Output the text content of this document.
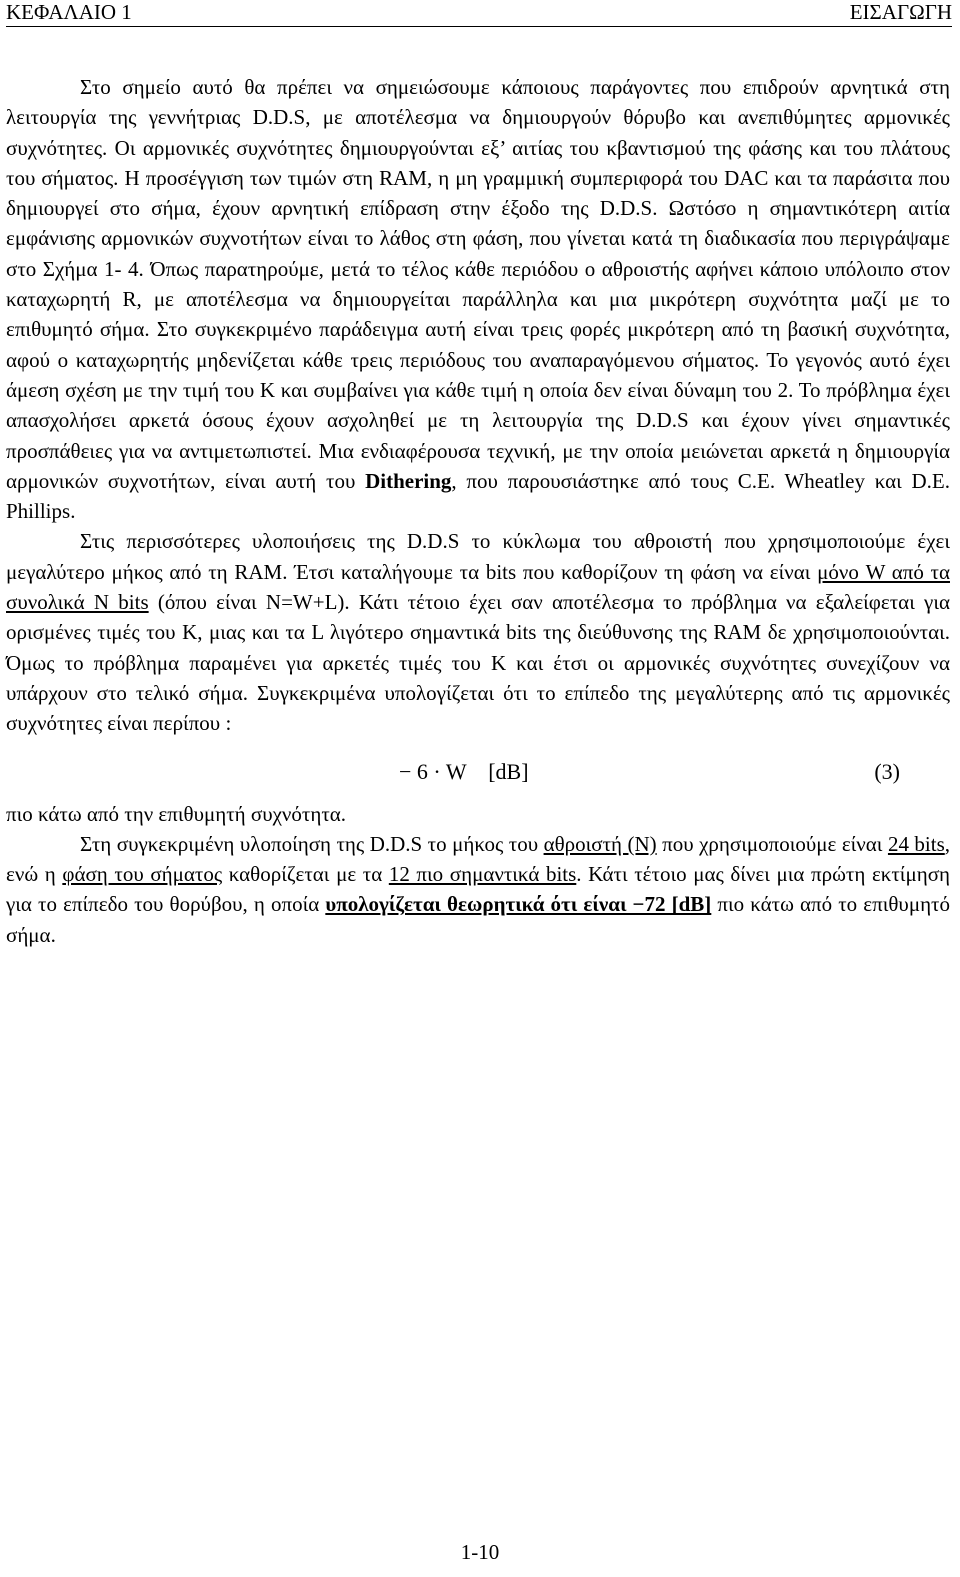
ΚΕΦΑΛΑΙΟ 1	ΕΙΣΑΓΩΓΗ

Στο σημείο αυτό θα πρέπει να σημειώσουμε κάποιους παράγοντες που επιδρούν αρνητικά στη λειτουργία της γεννήτριας D.D.S, με αποτέλεσμα να δημιουργούν θόρυβο και ανεπιθύμητες αρμονικές συχνότητες. Οι αρμονικές συχνότητες δημιουργούνται εξ’ αιτίας του κβαντισμού της φάσης και του πλάτους του σήματος. Η προσέγγιση των τιμών στη RAM, η μη γραμμική συμπεριφορά του DAC και τα παράσιτα που δημιουργεί στο σήμα, έχουν αρνητική επίδραση στην έξοδο της D.D.S. Ωστόσο η σημαντικότερη αιτία εμφάνισης αρμονικών συχνοτήτων είναι το λάθος στη φάση, που γίνεται κατά τη διαδικασία που περιγράψαμε στο Σχήμα 1- 4. Όπως παρατηρούμε, μετά το τέλος κάθε περιόδου ο αθροιστής αφήνει κάποιο υπόλοιπο στον καταχωρητή R, με αποτέλεσμα να δημιουργείται παράλληλα και μια μικρότερη συχνότητα μαζί με το επιθυμητό σήμα. Στο συγκεκριμένο παράδειγμα αυτή είναι τρεις φορές μικρότερη από τη βασική συχνότητα, αφού ο καταχωρητής μηδενίζεται κάθε τρεις περιόδους του αναπαραγόμενου σήματος. Το γεγονός αυτό έχει άμεση σχέση με την τιμή του K και συμβαίνει για κάθε τιμή η οποία δεν είναι δύναμη του 2. Το πρόβλημα έχει απασχολήσει αρκετά όσους έχουν ασχοληθεί με τη λειτουργία της D.D.S και έχουν γίνει σημαντικές προσπάθειες για να αντιμετωπιστεί. Μια ενδιαφέρουσα τεχνική, με την οποία μειώνεται αρκετά η δημιουργία αρμονικών συχνοτήτων, είναι αυτή του Dithering, που παρουσιάστηκε από τους C.E. Wheatley και D.E. Phillips.

Στις περισσότερες υλοποιήσεις της D.D.S το κύκλωμα του αθροιστή που χρησιμοποιούμε έχει μεγαλύτερο μήκος από τη RAM. Έτσι καταλήγουμε τα bits που καθορίζουν τη φάση να είναι μόνο W από τα συνολικά N bits (όπου είναι N=W+L). Κάτι τέτοιο έχει σαν αποτέλεσμα το πρόβλημα να εξαλείφεται για ορισμένες τιμές του K, μιας και τα L λιγότερο σημαντικά bits της διεύθυνσης της RAM δε χρησιμοποιούνται. Όμως το πρόβλημα παραμένει για αρκετές τιμές του K και έτσι οι αρμονικές συχνότητες συνεχίζουν να υπάρχουν στο τελικό σήμα. Συγκεκριμένα υπολογίζεται ότι το επίπεδο της μεγαλύτερης από τις αρμονικές συχνότητες είναι περίπου :

− 6 · W    [dB]	(3)

πιο κάτω από την επιθυμητή συχνότητα.

Στη συγκεκριμένη υλοποίηση της D.D.S το μήκος του αθροιστή (N) που χρησιμοποιούμε είναι 24 bits, ενώ η φάση του σήματος καθορίζεται με τα 12 πιο σημαντικά bits. Κάτι τέτοιο μας δίνει μια πρώτη εκτίμηση για το επίπεδο του θορύβου, η οποία υπολογίζεται θεωρητικά ότι είναι −72 [dB] πιο κάτω από το επιθυμητό σήμα.

1-10
